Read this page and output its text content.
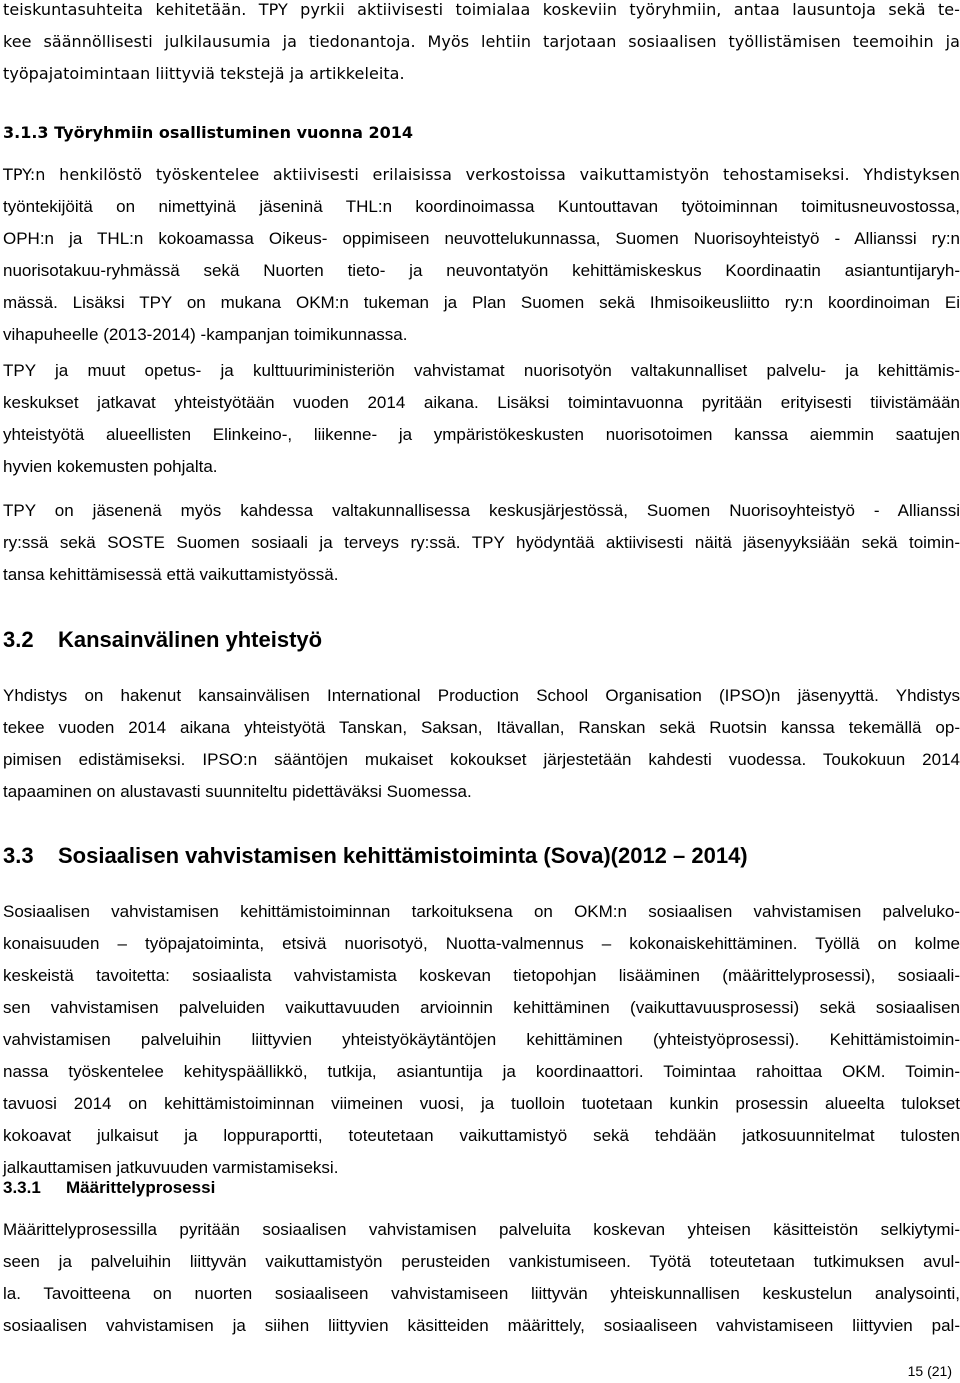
teiskuntasuhteita kehitetään. TPY pyrkii aktiivisesti toimialaa koskeviin työryhmiin, antaa lausuntoja sekä te-
kee säännöllisesti julkilausumia ja tiedonantoja. Myös lehtiin tarjotaan sosiaalisen työllistämisen teemoihin ja
työpajatoimintaan liittyviä tekstejä ja artikkeleita.
3.1.3 Työryhmiin osallistuminen vuonna 2014
TPY:n henkilöstö työskentelee aktiivisesti erilaisissa verkostoissa vaikuttamistyön tehostamiseksi. Yhdistyksen
työntekijöitä on nimettyinä jäseninä THL:n koordinoimassa Kuntouttavan työtoiminnan toimitusneuvostossa,
OPH:n ja THL:n kokoamassa Oikeus- oppimiseen neuvottelukunnassa, Suomen Nuorisoyhteistyö - Allianssi ry:n
nuorisotakuu-ryhmässä sekä Nuorten tieto- ja neuvontatyön kehittämiskeskus Koordinaatin asiantuntijaryh-
mässä. Lisäksi TPY on mukana OKM:n tukeman ja Plan Suomen sekä Ihmisoikeusliitto ry:n koordinoiman Ei
vihapuheelle (2013-2014) -kampanjan toimikunnassa.
TPY ja muut opetus- ja kulttuuriministeriön vahvistamat nuorisotyön valtakunnalliset palvelu- ja kehittämis-
keskukset jatkavat yhteistyötään vuoden 2014 aikana. Lisäksi toimintavuonna pyritään erityisesti tiivistämään
yhteistyötä alueellisten Elinkeino-, liikenne- ja ympäristökeskusten nuorisotoimen kanssa aiemmin saatujen
hyvien kokemusten pohjalta.
TPY on jäsenenä myös kahdessa valtakunnallisessa keskusjärjestössä, Suomen Nuorisoyhteistyö - Allianssi
ry:ssä sekä SOSTE Suomen sosiaali ja terveys ry:ssä. TPY hyödyntää aktiivisesti näitä jäsenyyksiään sekä toimin-
tansa kehittämisessä että vaikuttamistyössä.
3.2 Kansainvälinen yhteistyö
Yhdistys on hakenut kansainvälisen International Production School Organisation (IPSO)n jäsenyyttä. Yhdistys
tekee vuoden 2014 aikana yhteistyötä Tanskan, Saksan, Itävallan, Ranskan sekä Ruotsin kanssa tekemällä op-
pimisen edistämiseksi. IPSO:n sääntöjen mukaiset kokoukset järjestetään kahdesti vuodessa. Toukokuun 2014
tapaaminen on alustavasti suunniteltu pidettäväksi Suomessa.
3.3 Sosiaalisen vahvistamisen kehittämistoiminta (Sova)(2012 – 2014)
Sosiaalisen vahvistamisen kehittämistoiminnan tarkoituksena on OKM:n sosiaalisen vahvistamisen palveluko-
konaisuuden – työpajatoiminta, etsivä nuorisotyö, Nuotta-valmennus – kokonaiskehittäminen. Työllä on kolme
keskeistä tavoitetta: sosiaalista vahvistamista koskevan tietopohjan lisääminen (määrittelyprosessi), sosiaali-
sen vahvistamisen palveluiden vaikuttavuuden arvioinnin kehittäminen (vaikuttavuusprosessi) sekä sosiaalisen
vahvistamisen palveluihin liittyvien yhteistyökäytäntöjen kehittäminen (yhteistyöprosessi). Kehittämistoimin-
nassa työskentelee kehityspäällikkö, tutkija, asiantuntija ja koordinaattori. Toimintaa rahoittaa OKM. Toimin-
tavuosi 2014 on kehittämistoiminnan viimeinen vuosi, ja tuolloin tuotetaan kunkin prosessin alueelta tulokset
kokoavat julkaisut ja loppuraportti, toteutetaan vaikuttamistyö sekä tehdään jatkosuunnitelmat tulosten
jalkauttamisen jatkuvuuden varmistamiseksi.
3.3.1 Määrittelyprosessi
Määrittelyprosessilla pyritään sosiaalisen vahvistamisen palveluita koskevan yhteisen käsitteistön selkiytymi-
seen ja palveluihin liittyvän vaikuttamistyön perusteiden vankistumiseen. Työtä toteutetaan tutkimuksen avul-
la. Tavoitteena on nuorten sosiaaliseen vahvistamiseen liittyvän yhteiskunnallisen keskustelun analysointi,
sosiaalisen vahvistamisen ja siihen liittyvien käsitteiden määrittely, sosiaaliseen vahvistamiseen liittyvien pal-
15 (21)
